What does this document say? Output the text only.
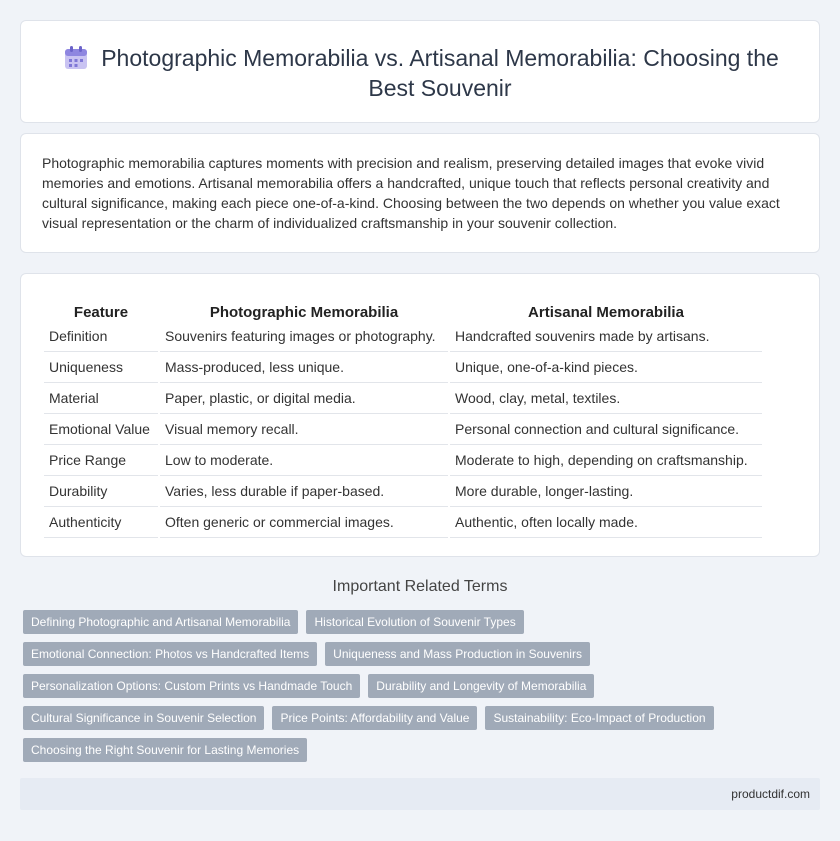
Photographic Memorabilia vs. Artisanal Memorabilia: Choosing the Best Souvenir

Photographic memorabilia captures moments with precision and realism, preserving detailed images that evoke vivid memories and emotions. Artisanal memorabilia offers a handcrafted, unique touch that reflects personal creativity and cultural significance, making each piece one-of-a-kind. Choosing between the two depends on whether you value exact visual representation or the charm of individualized craftsmanship in your souvenir collection.

Feature	Photographic Memorabilia	Artisanal Memorabilia
Definition	Souvenirs featuring images or photography.	Handcrafted souvenirs made by artisans.
Uniqueness	Mass-produced, less unique.	Unique, one-of-a-kind pieces.
Material	Paper, plastic, or digital media.	Wood, clay, metal, textiles.
Emotional Value	Visual memory recall.	Personal connection and cultural significance.
Price Range	Low to moderate.	Moderate to high, depending on craftsmanship.
Durability	Varies, less durable if paper-based.	More durable, longer-lasting.
Authenticity	Often generic or commercial images.	Authentic, often locally made.
Important Related Terms
Defining Photographic and Artisanal Memorabilia	Historical Evolution of Souvenir Types
Emotional Connection: Photos vs Handcrafted Items	Uniqueness and Mass Production in Souvenirs
Personalization Options: Custom Prints vs Handmade Touch	Durability and Longevity of Memorabilia
Cultural Significance in Souvenir Selection	Price Points: Affordability and Value	Sustainability: Eco-Impact of Production
Choosing the Right Souvenir for Lasting Memories
productdif.com
